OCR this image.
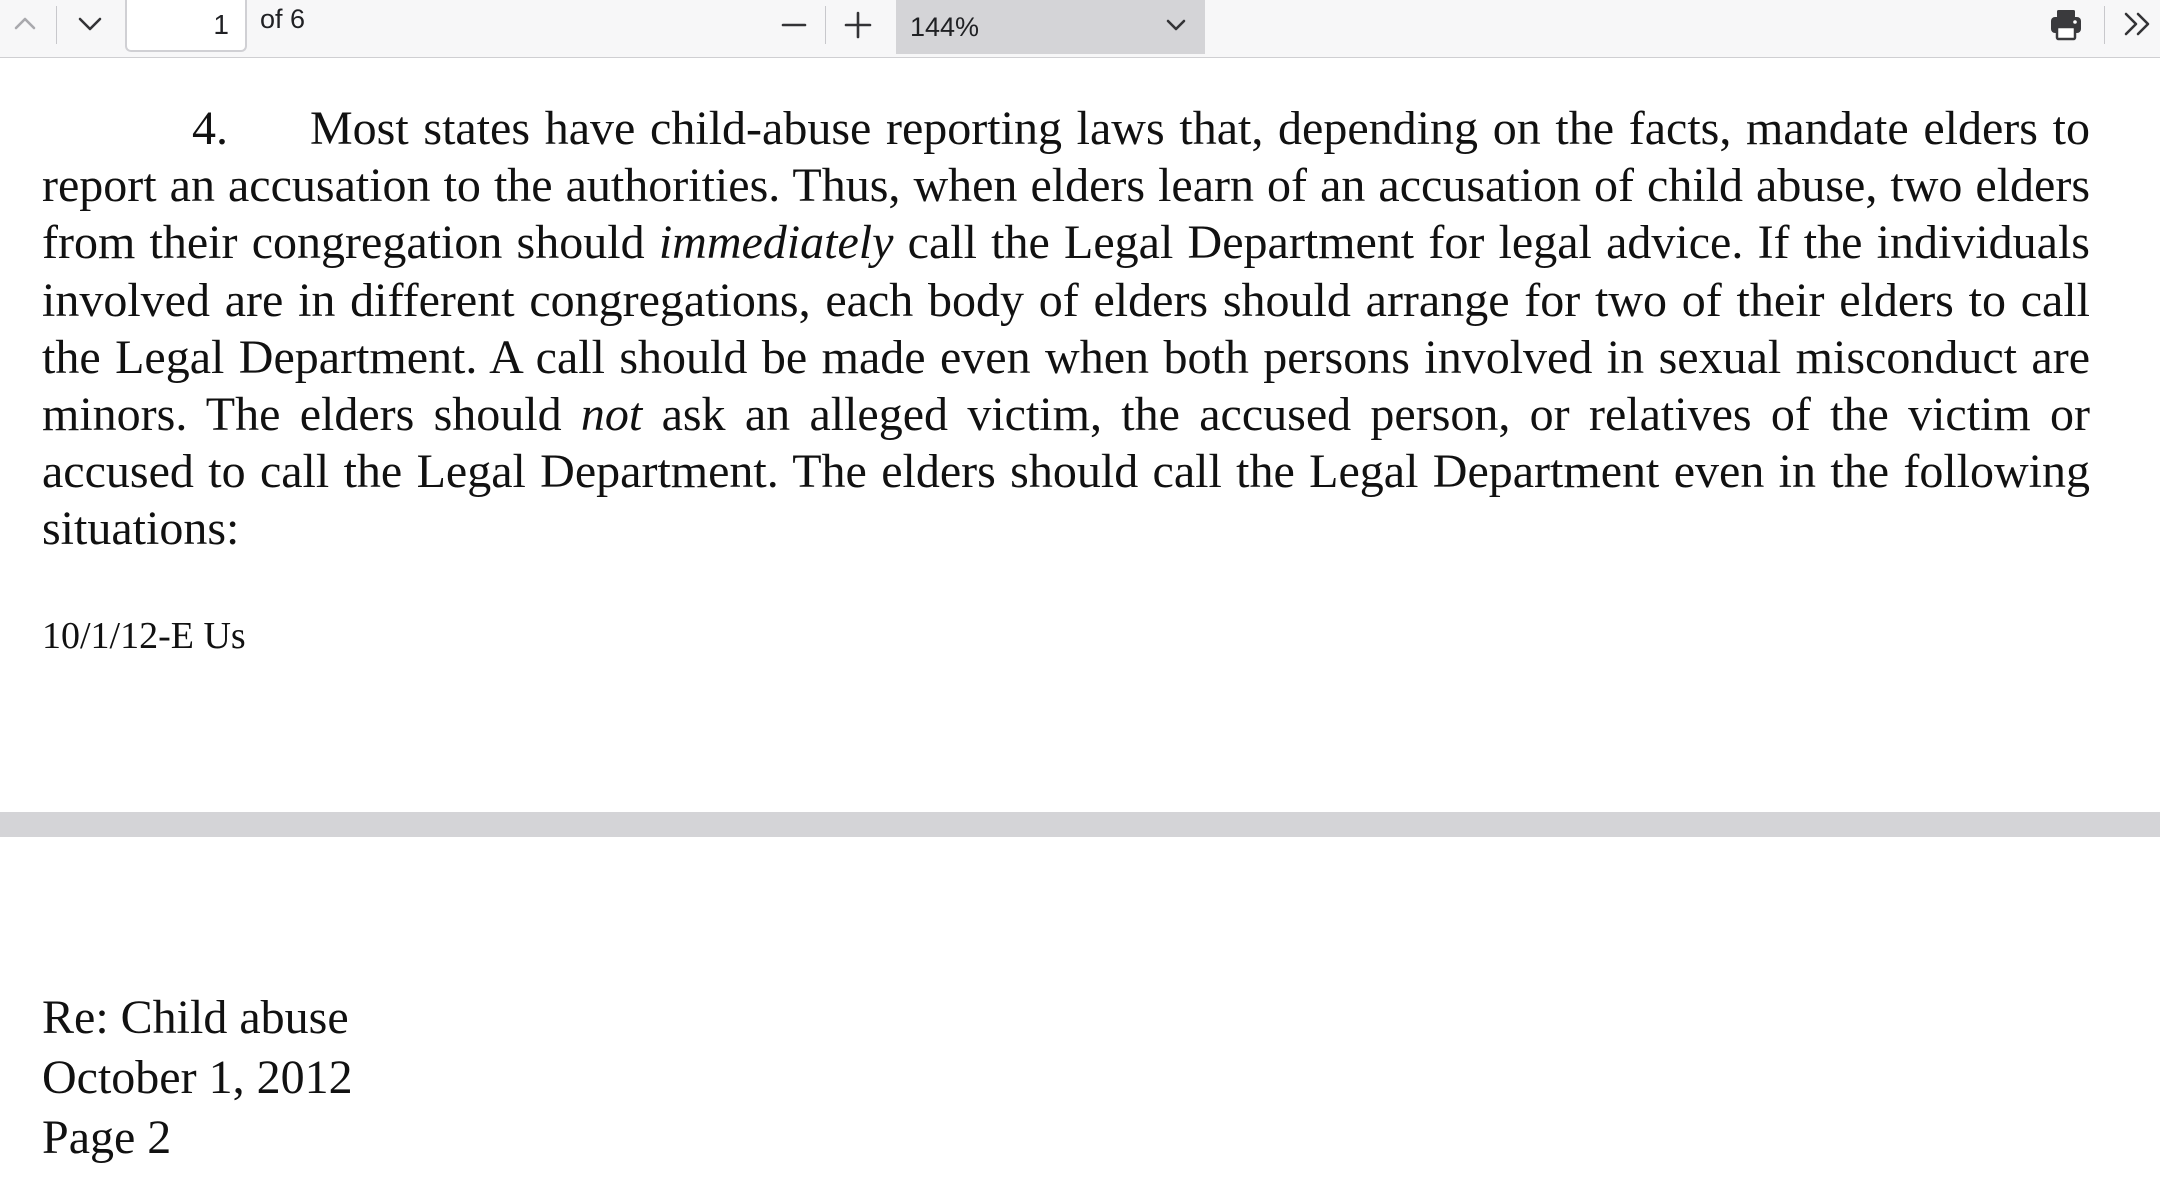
1 of 6	144%

4. Most states have child-abuse reporting laws that, depending on the facts, mandate elders to report an accusation to the authorities. Thus, when elders learn of an accusation of child abuse, two elders from their congregation should immediately call the Legal Department for legal advice. If the individuals involved are in different congregations, each body of elders should arrange for two of their elders to call the Legal Department. A call should be made even when both persons involved in sexual misconduct are minors. The elders should not ask an alleged victim, the accused person, or relatives of the victim or accused to call the Legal Department. The elders should call the Legal Department even in the following situations:

10/1/12-E Us
Re: Child abuse
October 1, 2012
Page 2
